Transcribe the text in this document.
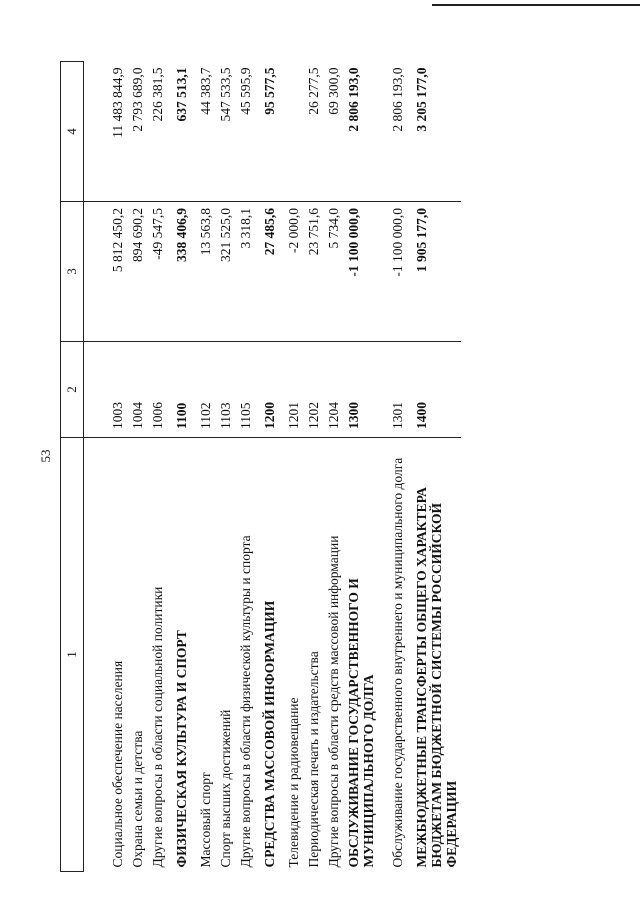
53
1	2	3	4
Социальное обеспечение населения	1003	5 812 450,2	11 483 844,9
Охрана семьи и детства	1004	894 690,2	2 793 689,0
Другие вопросы в области социальной политики	1006	-49 547,5	226 381,5
ФИЗИЧЕСКАЯ КУЛЬТУРА И СПОРТ	1100	338 406,9	637 513,1
Массовый спорт	1102	13 563,8	44 383,7
Спорт высших достижений	1103	321 525,0	547 533,5
Другие вопросы в области физической культуры и спорта	1105	3 318,1	45 595,9
СРЕДСТВА МАССОВОЙ ИНФОРМАЦИИ	1200	27 485,6	95 577,5
Телевидение и радиовещание	1201	-2 000,0	
Периодическая печать и издательства	1202	23 751,6	26 277,5
Другие вопросы в области средств массовой информации	1204	5 734,0	69 300,0
ОБСЛУЖИВАНИЕ ГОСУДАРСТВЕННОГО И МУНИЦИПАЛЬНОГО ДОЛГА	1300	-1 100 000,0	2 806 193,0
Обслуживание государственного внутреннего и муниципального долга	1301	-1 100 000,0	2 806 193,0
МЕЖБЮДЖЕТНЫЕ ТРАНСФЕРТЫ ОБЩЕГО ХАРАКТЕРА БЮДЖЕТАМ БЮДЖЕТНОЙ СИСТЕМЫ РОССИЙСКОЙ ФЕДЕРАЦИИ	1400	1 905 177,0	3 205 177,0
